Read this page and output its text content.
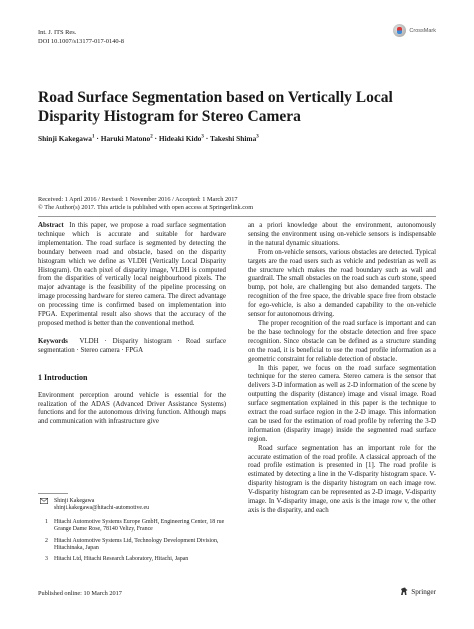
Int. J. ITS Res.
DOI 10.1007/s13177-017-0140-8
CrossMark
Road Surface Segmentation based on Vertically Local Disparity Histogram for Stereo Camera
Shinji Kakegawa$^1$ · Haruki Matono$^2$ · Hideaki Kido$^3$ · Takeshi Shima$^3$
Received: 1 April 2016 / Revised: 1 November 2016 / Accepted: 1 March 2017
© The Author(s) 2017. This article is published with open access at Springerlink.com

Abstract In this paper, we propose a road surface segmentation technique which is accurate and suitable for hardware implementation. The road surface is segmented by detecting the boundary between road and obstacle, based on the disparity histogram which we define as VLDH (Vertically Local Disparity Histogram). On each pixel of disparity image, VLDH is computed from the disparities of vertically local neighbourhood pixels. The major advantage is the feasibility of the pipeline processing on image processing hardware for stereo camera. The direct advantage on processing time is confirmed based on implementation into FPGA. Experimental result also shows that the accuracy of the proposed method is better than the conventional method.

Keywords VLDH · Disparity histogram · Road surface segmentation · Stereo camera · FPGA

1 Introduction

Environment perception around vehicle is essential for the realization of the ADAS (Advanced Driver Assistance Systems) functions and for the autonomous driving function. Although maps and communication with infrastructure give

Shinji Kakegawa
shinji.kakegawa@hitachi-automotive.eu
1 Hitachi Automotive Systems Europe GmbH, Engineering Center, 18 rue Grange Dame Rose, 78140 Velizy, France
2 Hitachi Automotive Systems Ltd, Technology Development Division, Hitachinaka, Japan
3 Hitachi Ltd, Hitachi Research Laboratory, Hitachi, Japan

an a priori knowledge about the environment, autonomously sensing the environment using on-vehicle sensors is indispensable in the natural dynamic situations.

From on-vehicle sensors, various obstacles are detected. Typical targets are the road users such as vehicle and pedestrian as well as the structure which makes the road boundary such as wall and guardrail. The small obstacles on the road such as curb stone, speed bump, pot hole, are challenging but also demanded targets. The recognition of the free space, the drivable space free from obstacle for ego-vehicle, is also a demanded capability to the on-vehicle sensor for autonomous driving.

The proper recognition of the road surface is important and can be the base technology for the obstacle detection and free space recognition. Since obstacle can be defined as a structure standing on the road, it is beneficial to use the road profile information as a geometric constraint for reliable detection of obstacle.

In this paper, we focus on the road surface segmentation technique for the stereo camera. Stereo camera is the sensor that delivers 3-D information as well as 2-D information of the scene by outputting the disparity (distance) image and visual image. Road surface segmentation explained in this paper is the technique to extract the road surface region in the 2-D image. This information can be used for the estimation of road profile by referring the 3-D information (disparity image) inside the segmented road surface region.

Road surface segmentation has an important role for the accurate estimation of the road profile. A classical approach of the road profile estimation is presented in [1]. The road profile is estimated by detecting a line in the V-disparity histogram space. V-disparity histogram is the disparity histogram on each image row. V-disparity histogram can be represented as 2-D image, V-disparity image. In V-disparity image, one axis is the image row v, the other axis is the disparity, and each

Published online: 10 March 2017	Springer
